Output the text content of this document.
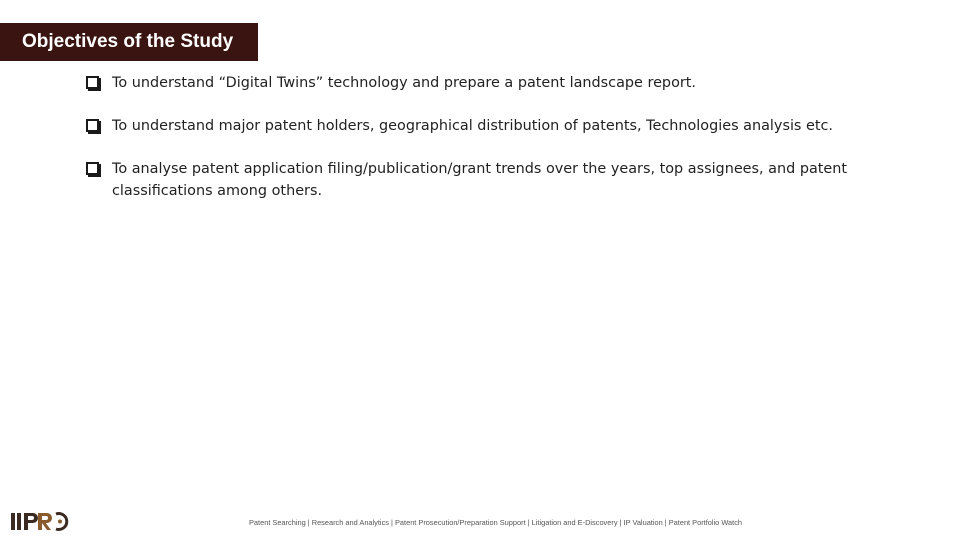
Objectives of the Study
To understand “Digital Twins” technology and prepare a patent landscape report.
To understand major patent holders, geographical distribution of patents, Technologies analysis etc.
To analyse patent application filing/publication/grant trends over the years, top assignees, and patent classifications among others.
Patent Searching | Research and Analytics | Patent Prosecution/Preparation Support | Litigation and E-Discovery | IP Valuation | Patent Portfolio Watch
